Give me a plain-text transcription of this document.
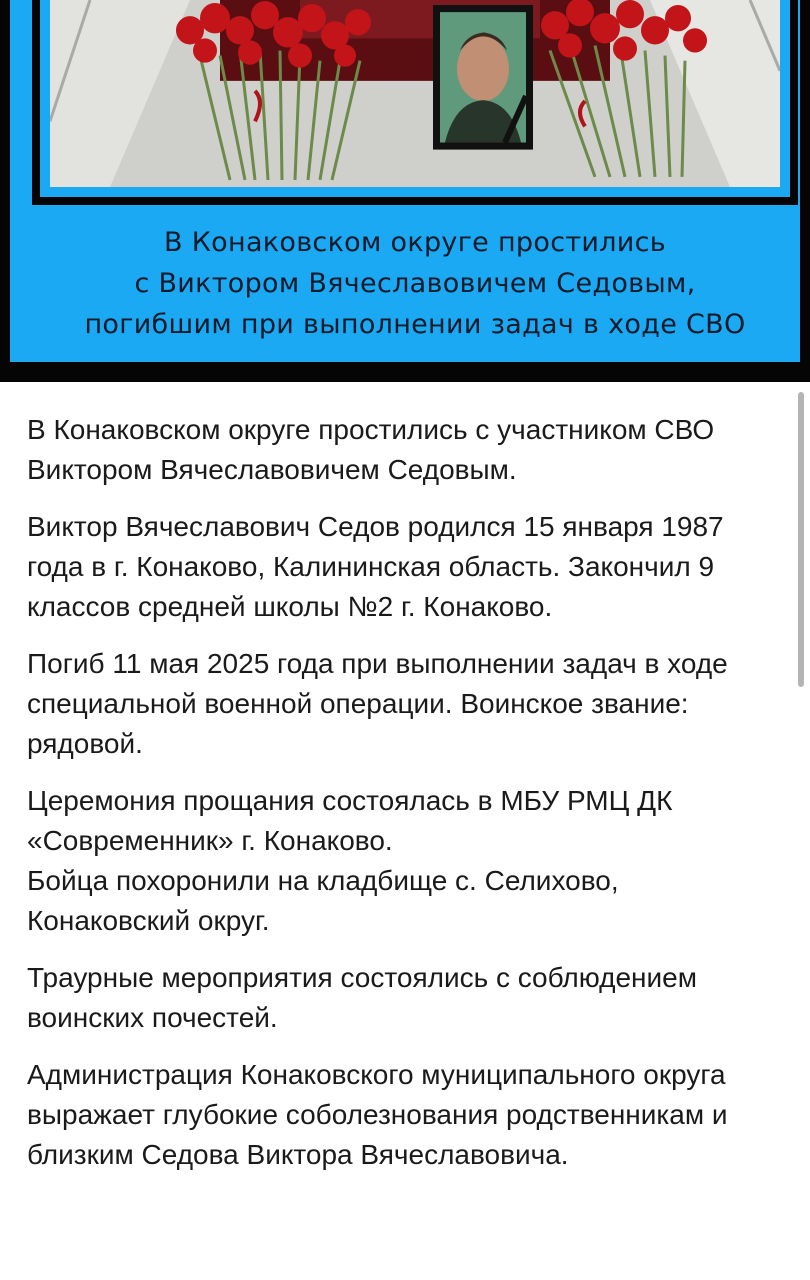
В Конаковском округе простились
с Виктором Вячеславовичем Седовым,
погибшим при выполнении задач в ходе СВО

В Конаковском округе простились с участником СВО Виктором Вячеславовичем Седовым.

Виктор Вячеславович Седов родился 15 января 1987 года в г. Конаково, Калининская область. Закончил 9 классов средней школы №2 г. Конаково.

Погиб 11 мая 2025 года при выполнении задач в ходе специальной военной операции. Воинское звание: рядовой.

Церемония прощания состоялась в МБУ РМЦ ДК «Современник» г. Конаково.
Бойца похоронили на кладбище с. Селихово, Конаковский округ.

Траурные мероприятия состоялись с соблюдением воинских почестей.

Администрация Конаковского муниципального округа выражает глубокие соболезнования родственникам и близким Седова Виктора Вячеславовича.
